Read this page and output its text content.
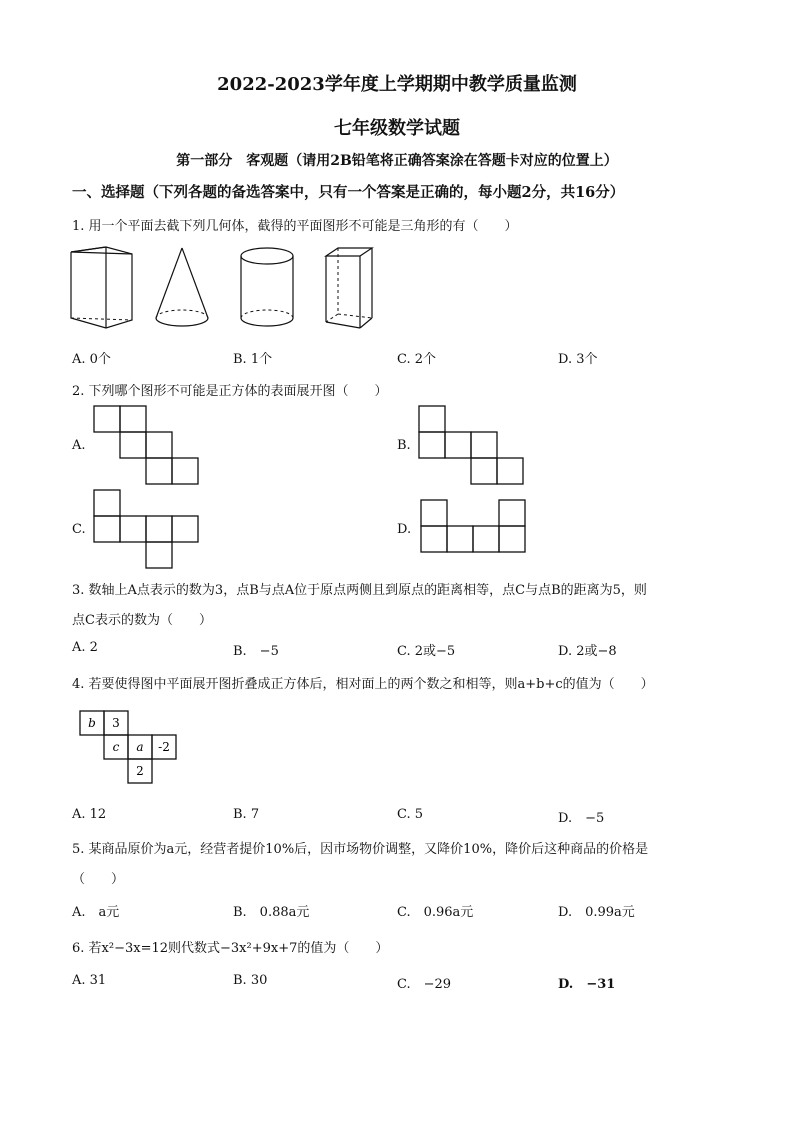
2022-2023学年度上学期期中教学质量监测
七年级数学试题
第一部分　客观题（请用2B铅笔将正确答案涂在答题卡对应的位置上）
一、选择题（下列各题的备选答案中，只有一个答案是正确的，每小题2分，共16分）
1. 用一个平面去截下列几何体，截得的平面图形不可能是三角形的有（　　）
A. 0个	B. 1个	C. 2个	D. 3个
2. 下列哪个图形不可能是正方体的表面展开图（　　）
A.	B.
C.	D.
3. 数轴上A点表示的数为3，点B与点A位于原点两侧且到原点的距离相等，点C与点B的距离为5，则
点C表示的数为（　　）
A. 2	B.　−5	C. 2或−5	D. 2或−8
4. 若要使得图中平面展开图折叠成正方体后，相对面上的两个数之和相等，则a+b+c的值为（　　）
b 3
c a -2
2
A. 12	B. 7	C. 5	D.　−5
5. 某商品原价为a元，经营者提价10%后，因市场物价调整，又降价10%，降价后这种商品的价格是
（　　）
A.　a元	B.　0.88a元	C.　0.96a元	D.　0.99a元
6. 若x²−3x=12则代数式−3x²+9x+7的值为（　　）
A. 31	B. 30	C.　−29	D.　−31
